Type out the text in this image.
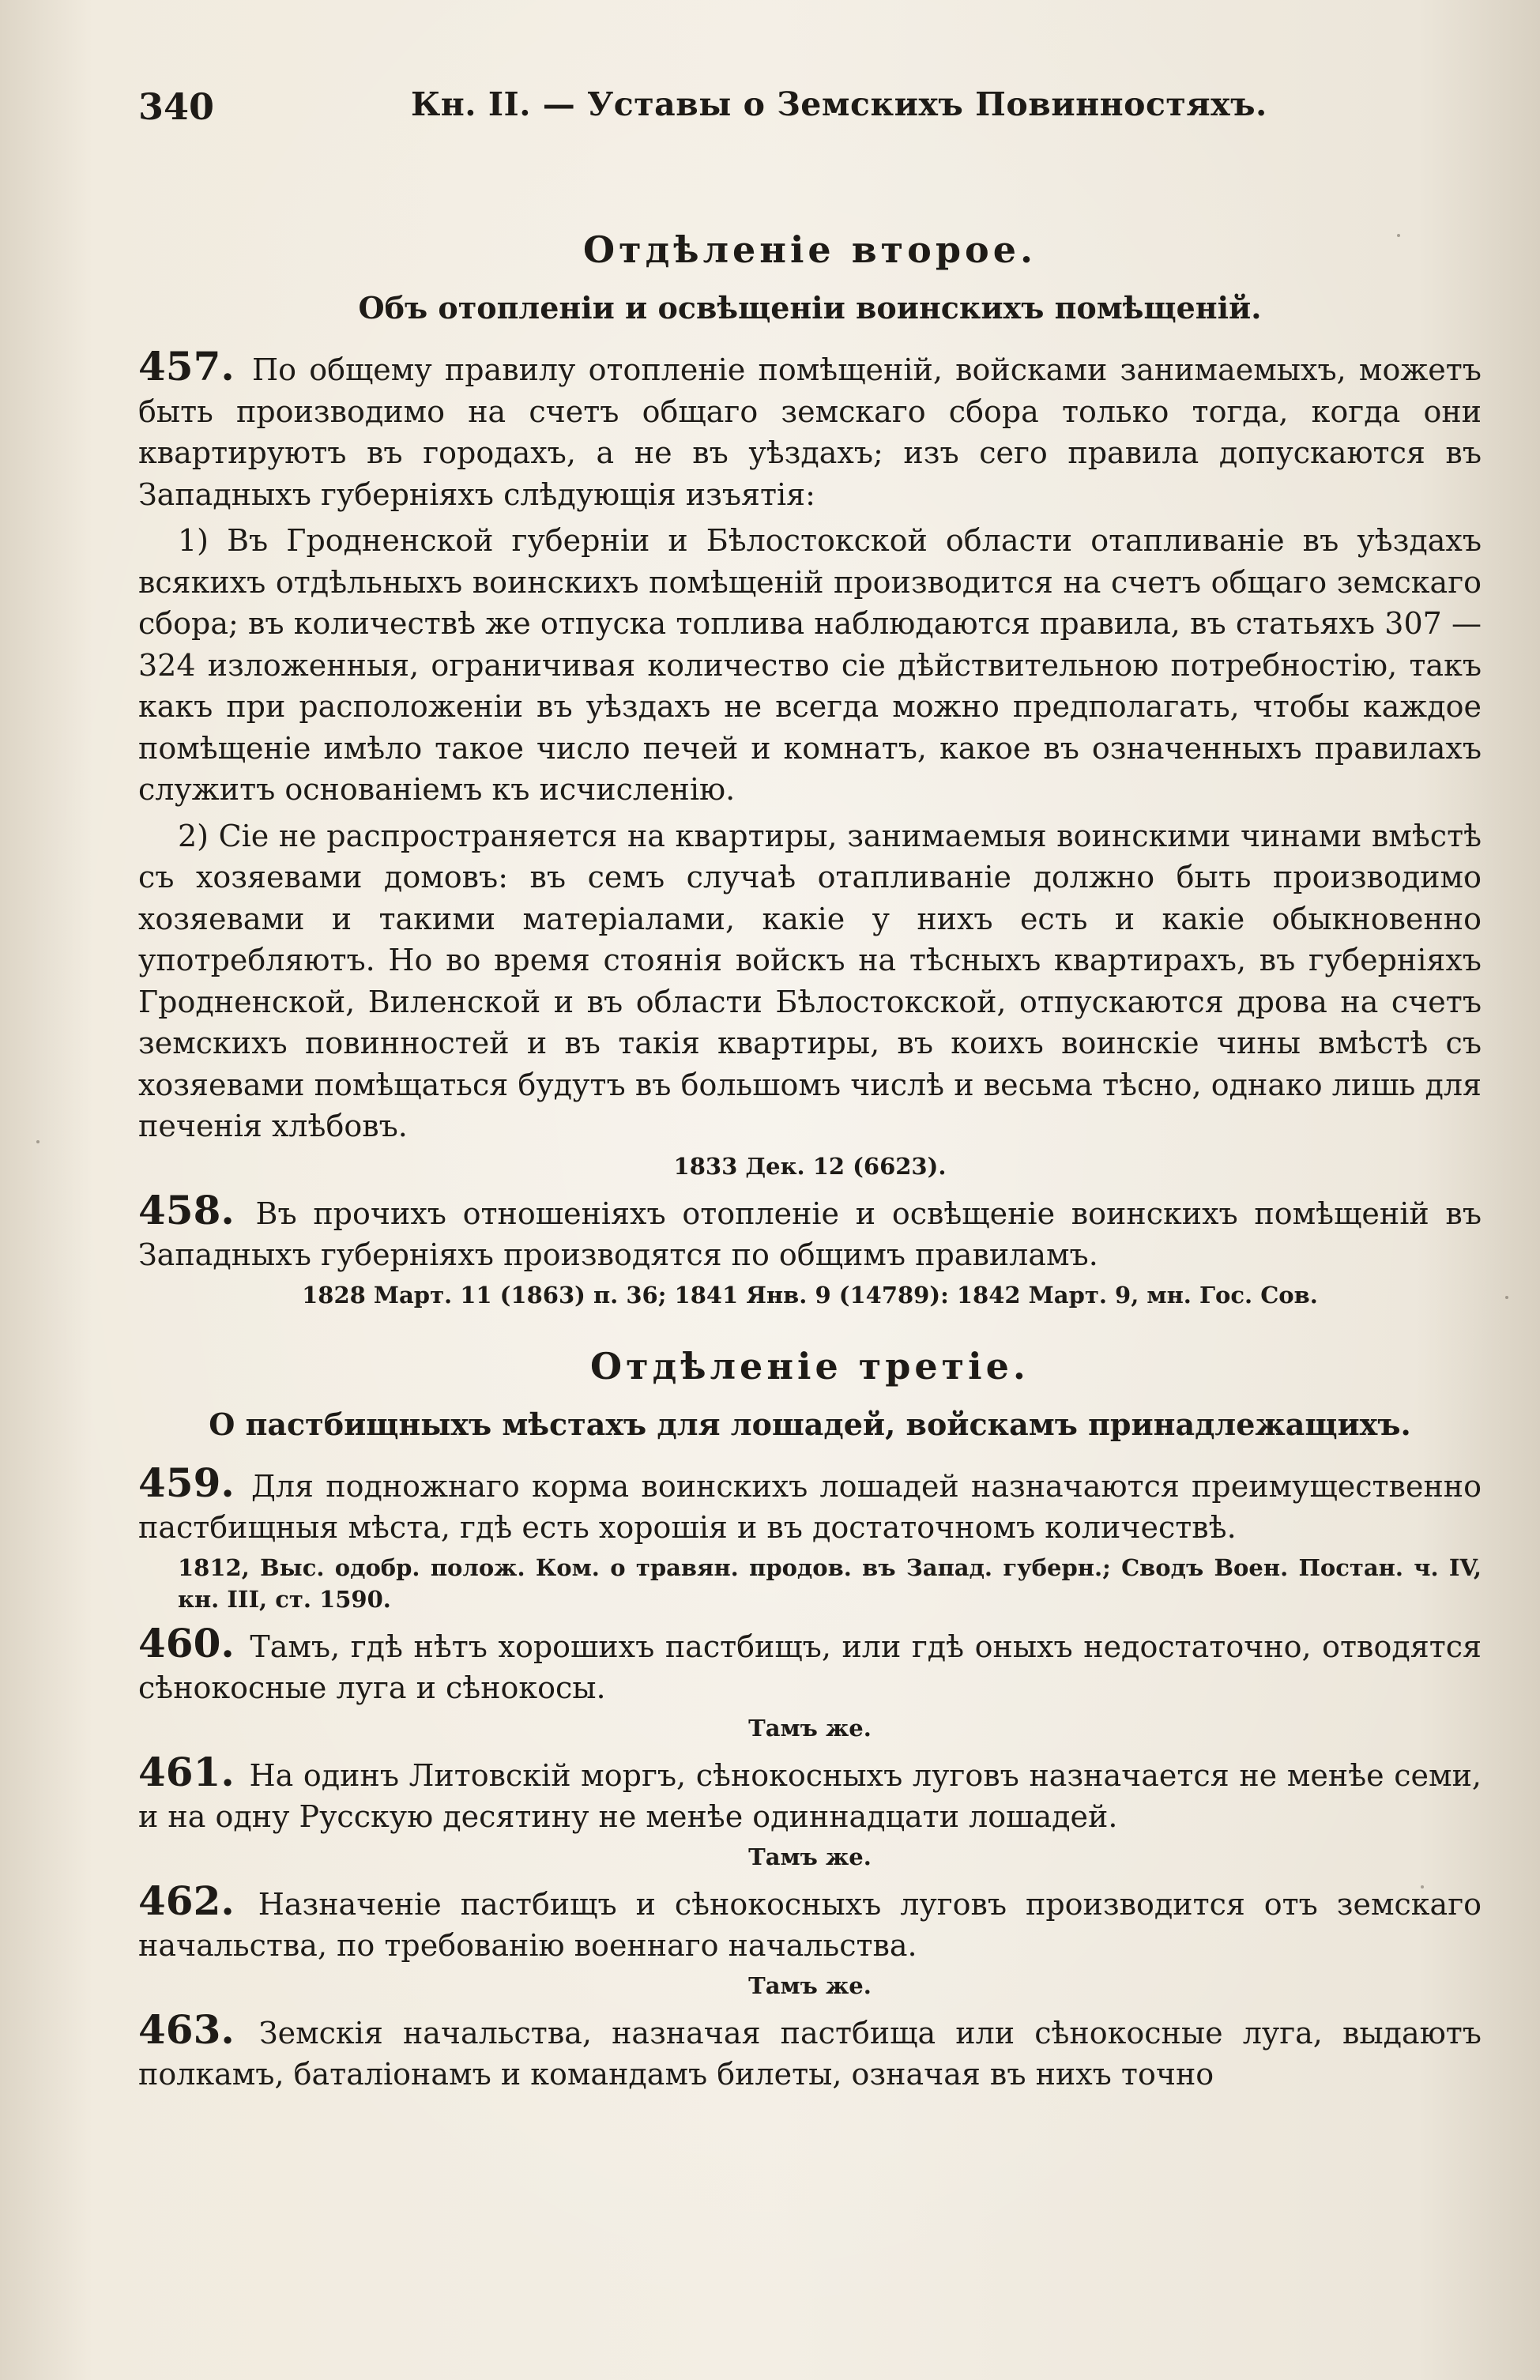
340	Кн. II. — Уставы о Земскихъ Повинностяхъ.
Отдѣленіе второе.
Объ отопленіи и освѣщеніи воинскихъ помѣщеній.

457. По общему правилу отопленіе помѣщеній, войсками занимаемыхъ, можетъ быть производимо на счетъ общаго земскаго сбора только тогда, когда они квартируютъ въ городахъ, а не въ уѣздахъ; изъ сего правила допускаются въ Западныхъ губерніяхъ слѣдующія изъятія:

1) Въ Гродненской губерніи и Бѣлостокской области отапливаніе въ уѣздахъ всякихъ отдѣльныхъ воинскихъ помѣщеній производится на счетъ общаго земскаго сбора; въ количествѣ же отпуска топлива наблюдаются правила, въ статьяхъ 307 — 324 изложенныя, ограничивая количество сіе дѣйствительною потребностію, такъ какъ при расположеніи въ уѣздахъ не всегда можно предполагать, чтобы каждое помѣщеніе имѣло такое число печей и комнатъ, какое въ означенныхъ правилахъ служитъ основаніемъ къ исчисленію.

2) Сіе не распространяется на квартиры, занимаемыя воинскими чинами вмѣстѣ съ хозяевами домовъ: въ семъ случаѣ отапливаніе должно быть производимо хозяевами и такими матеріалами, какіе у нихъ есть и какіе обыкновенно употребляютъ. Но во время стоянія войскъ на тѣсныхъ квартирахъ, въ губерніяхъ Гродненской, Виленской и въ области Бѣлостокской, отпускаются дрова на счетъ земскихъ повинностей и въ такія квартиры, въ коихъ воинскіе чины вмѣстѣ съ хозяевами помѣщаться будутъ въ большомъ числѣ и весьма тѣсно, однако лишь для печенія хлѣбовъ.

1833 Дек. 12 (6623).

458. Въ прочихъ отношеніяхъ отопленіе и освѣщеніе воинскихъ помѣщеній въ Западныхъ губерніяхъ производятся по общимъ правиламъ.

1828 Март. 11 (1863) п. 36; 1841 Янв. 9 (14789): 1842 Март. 9, мн. Гос. Сов.
Отдѣленіе третіе.
О пастбищныхъ мѣстахъ для лошадей, войскамъ принадлежащихъ.

459. Для подножнаго корма воинскихъ лошадей назначаются преимущественно пастбищныя мѣста, гдѣ есть хорошія и въ достаточномъ количествѣ.

1812, Выс. одобр. полож. Ком. о травян. продов. въ Запад. губерн.; Сводъ Воен. Постан. ч. IV, кн. III, ст. 1590.

460. Тамъ, гдѣ нѣтъ хорошихъ пастбищъ, или гдѣ оныхъ недостаточно, отводятся сѣнокосные луга и сѣнокосы.

Тамъ же.

461. На одинъ Литовскій моргъ, сѣнокосныхъ луговъ назначается не менѣе семи, и на одну Русскую десятину не менѣе одиннадцати лошадей.

Тамъ же.

462. Назначеніе пастбищъ и сѣнокосныхъ луговъ производится отъ земскаго начальства, по требованію военнаго начальства.

Тамъ же.

463. Земскія начальства, назначая пастбища или сѣнокосные луга, выдаютъ полкамъ, баталіонамъ и командамъ билеты, означая въ нихъ точно
